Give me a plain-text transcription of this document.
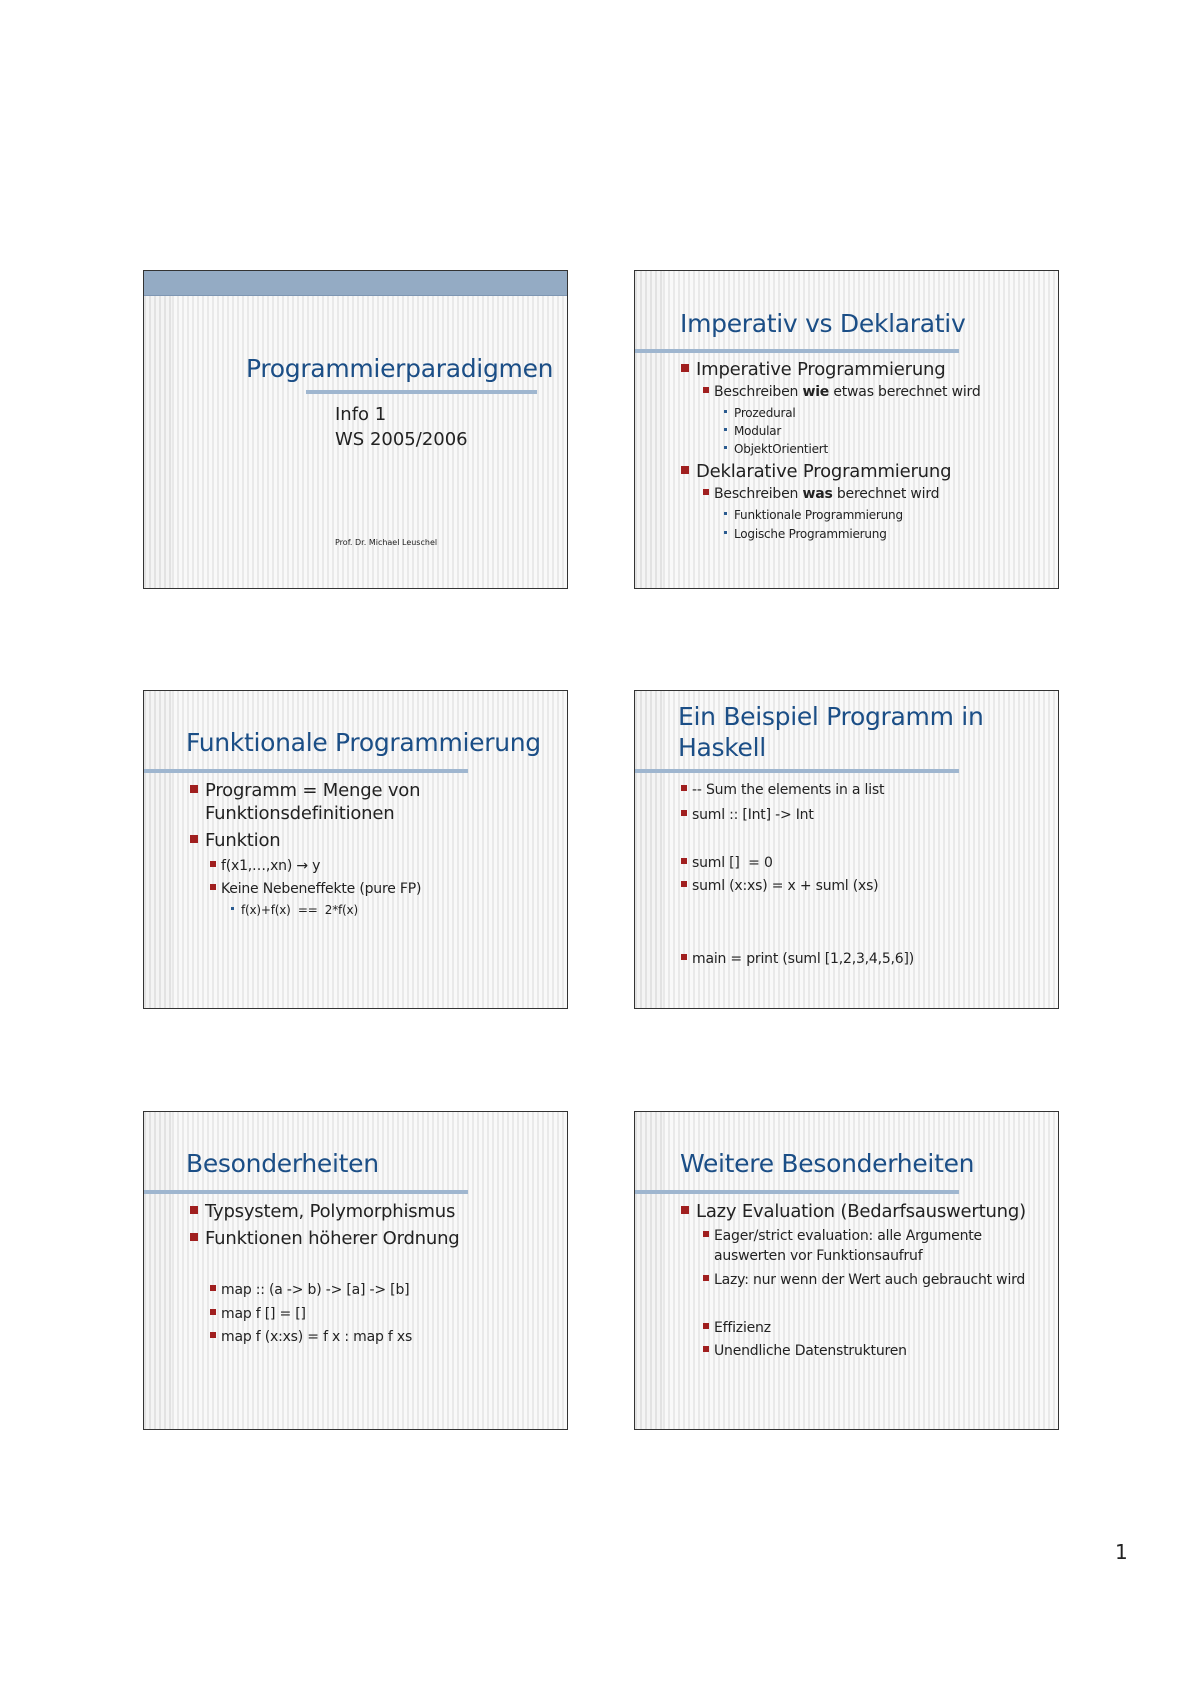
Programmierparadigmen
Info 1
WS 2005/2006
Prof. Dr. Michael Leuschel
Imperativ vs Deklarativ
Imperative Programmierung
Beschreiben wie etwas berechnet wird
Prozedural
Modular
ObjektOrientiert
Deklarative Programmierung
Beschreiben was berechnet wird
Funktionale Programmierung
Logische Programmierung
Funktionale Programmierung
Programm = Menge von Funktionsdefinitionen
Funktion
f(x1,…,xn) → y
Keine Nebeneffekte (pure FP)
f(x)+f(x)  ==  2*f(x)
Ein Beispiel Programm in Haskell
-- Sum the elements in a list
suml :: [Int] -> Int
suml []  = 0
suml (x:xs) = x + suml (xs)
main = print (suml [1,2,3,4,5,6])
Besonderheiten
Typsystem, Polymorphismus
Funktionen höherer Ordnung
map :: (a -> b) -> [a] -> [b]
map f [] = []
map f (x:xs) = f x : map f xs
Weitere Besonderheiten
Lazy Evaluation (Bedarfsauswertung)
Eager/strict evaluation: alle Argumente auswerten vor Funktionsaufruf
Lazy: nur wenn der Wert auch gebraucht wird
Effizienz
Unendliche Datenstrukturen
1
